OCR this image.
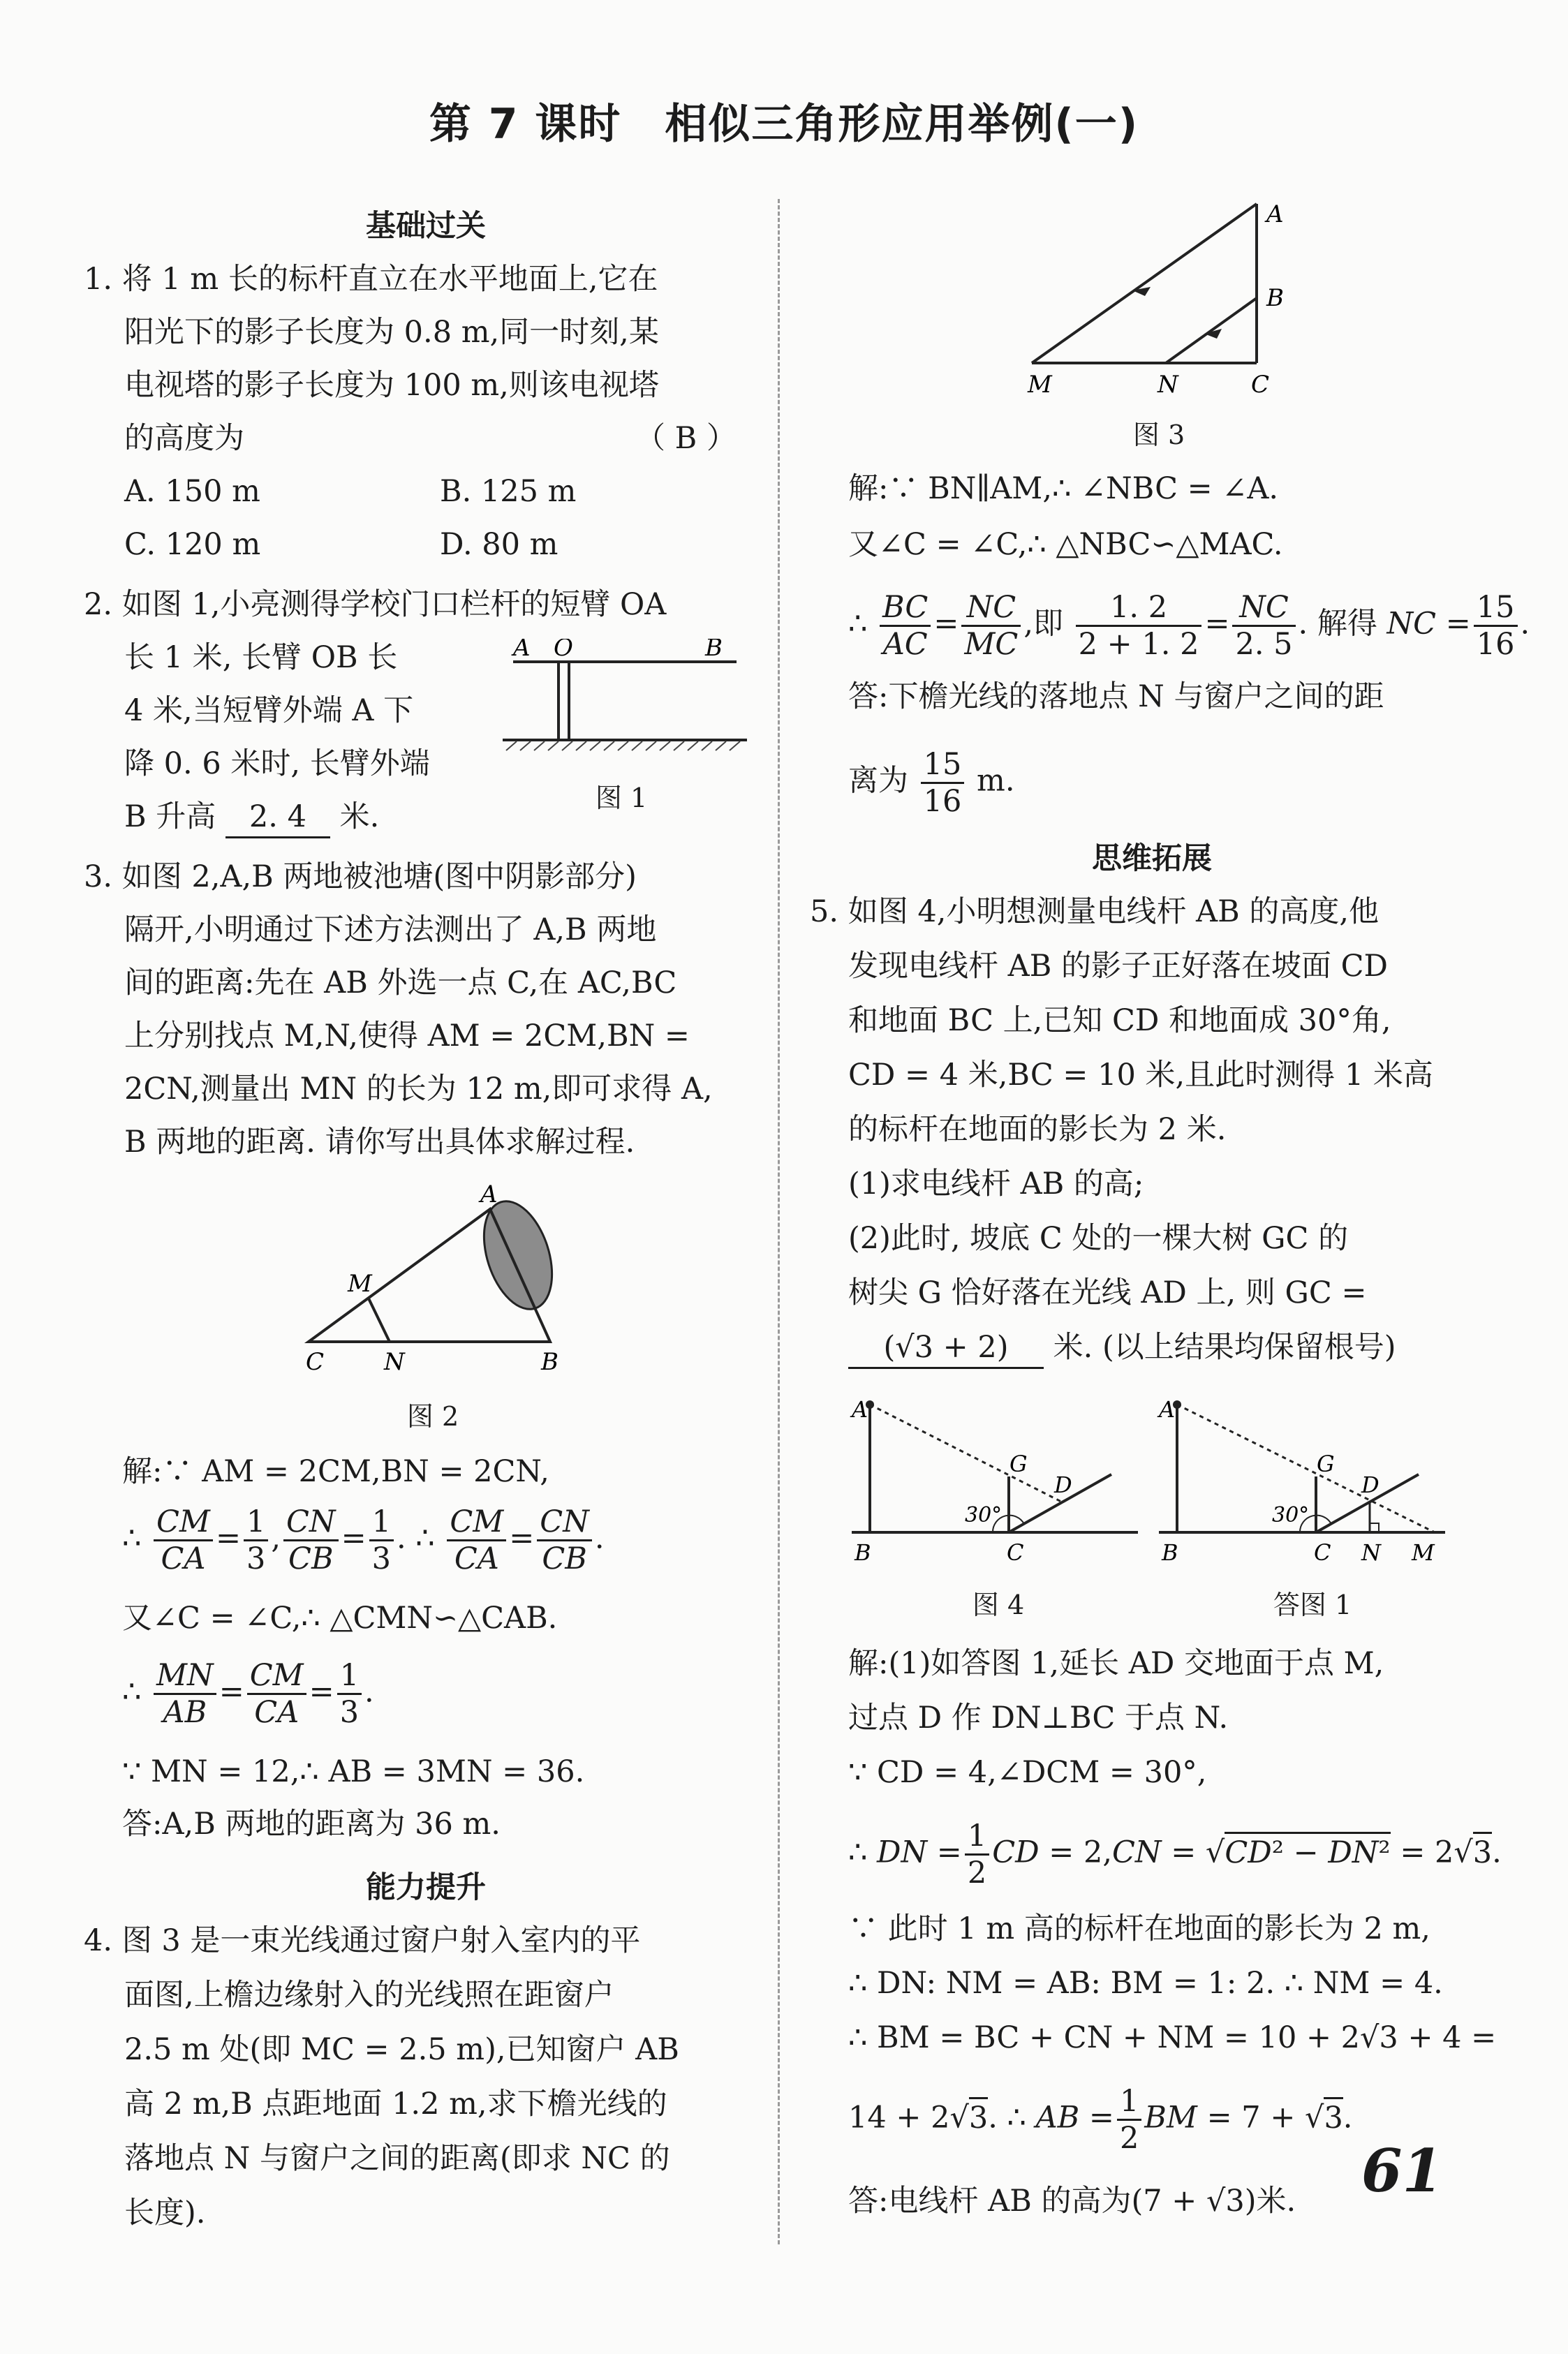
第 7 课时　相似三角形应用举例(一)
基础过关
1. 将 1 m 长的标杆直立在水平地面上,它在
阳光下的影子长度为 0.8 m,同一时刻,某
电视塔的影子长度为 100 m,则该电视塔
的高度为	（ B ）
A. 150 m	B. 125 m
C. 120 m	D. 80 m
2. 如图 1,小亮测得学校门口栏杆的短臂 OA
长 1 米, 长臂 OB 长
4 米,当短臂外端 A 下
降 0. 6 米时, 长臂外端
B 升高 2. 4 米.
A O	B
图 1
3. 如图 2,A,B 两地被池塘(图中阴影部分)
隔开,小明通过下述方法测出了 A,B 两地
间的距离:先在 AB 外选一点 C,在 AC,BC
上分别找点 M,N,使得 AM = 2CM,BN =
2CN,测量出 MN 的长为 12 m,即可求得 A,
B 两地的距离. 请你写出具体求解过程.
A
M
C	N	B
图 2
解:∵ AM = 2CM,BN = 2CN,
∴ $\frac{CM}{CA} = \frac{1}{3}$ , $\frac{CN}{CB} = \frac{1}{3}$ . ∴ $\frac{CM}{CA} = \frac{CN}{CB}$ .
又∠C = ∠C,∴ △CMN∽△CAB.
∴ $\frac{MN}{AB} = \frac{CM}{CA} = \frac{1}{3}$ .
∵ MN = 12,∴ AB = 3MN = 36.
答:A,B 两地的距离为 36 m.
能力提升
4. 图 3 是一束光线通过窗户射入室内的平
面图,上檐边缘射入的光线照在距窗户
2.5 m 处(即 MC = 2.5 m),已知窗户 AB
高 2 m,B 点距地面 1.2 m,求下檐光线的
落地点 N 与窗户之间的距离(即求 NC 的
长度).
A
B
M	N	C
图 3
解:∵ BN∥AM,∴ ∠NBC = ∠A.
又∠C = ∠C,∴ △NBC∽△MAC.
∴ $\frac{BC}{AC} = \frac{NC}{MC}$ ,即 $\frac{1. 2}{2 + 1. 2} = \frac{NC}{2. 5}$ . 解得 NC = $\frac{15}{16}$ .
答:下檐光线的落地点 N 与窗户之间的距
离为 $\frac{15}{16} m$.
思维拓展
5. 如图 4,小明想测量电线杆 AB 的高度,他
发现电线杆 AB 的影子正好落在坡面 CD
和地面 BC 上,已知 CD 和地面成 30°角,
CD = 4 米,BC = 10 米,且此时测得 1 米高
的标杆在地面的影长为 2 米.
(1)求电线杆 AB 的高;
(2)此时, 坡底 C 处的一棵大树 GC 的
树尖 G 恰好落在光线 AD 上, 则 GC =
(√3 + 2) 米. (以上结果均保留根号)
A
B	C
G
D
30°
图 4
A
B	C N M
G
D
30°
答图 1
解:(1)如答图 1,延长 AD 交地面于点 M,
过点 D 作 DN⊥BC 于点 N.
∵ CD = 4,∠DCM = 30°,
∴ DN = $\frac{1}{2}$ CD = 2,CN = √CD² − DN² = 2√3.
∵ 此时 1 m 高的标杆在地面的影长为 2 m,
∴ DN: NM = AB: BM = 1: 2. ∴ NM = 4.
∴ BM = BC + CN + NM = 10 + 2√3 + 4 =
14 + 2√3. ∴ AB = $\frac{1}{2}$ BM = 7 + √3.
答:电线杆 AB 的高为(7 + √3)米. 61
